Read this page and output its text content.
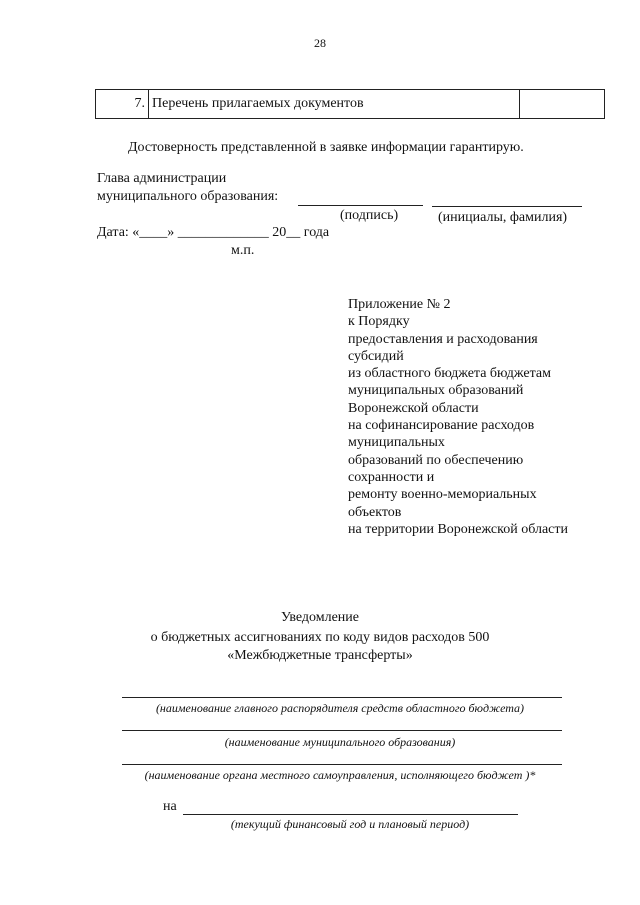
28
7. Перечень прилагаемых документов
Достоверность представленной в заявке информации гарантирую.
Глава администрации
муниципального образования:
(подпись)	(инициалы, фамилия)
Дата: «____» _____________ 20__ года
м.п.
Приложение № 2
к Порядку
предоставления и расходования
субсидий
из областного бюджета бюджетам
муниципальных образований
Воронежской области
на софинансирование расходов
муниципальных
образований по обеспечению
сохранности и
ремонту военно-мемориальных
объектов
на территории Воронежской области
Уведомление
о бюджетных ассигнованиях по коду видов расходов 500
«Межбюджетные трансферты»
(наименование главного распорядителя средств областного бюджета)
(наименование муниципального образования)
(наименование органа местного самоуправления, исполняющего бюджет )*
на
(текущий финансовый год и плановый период)
